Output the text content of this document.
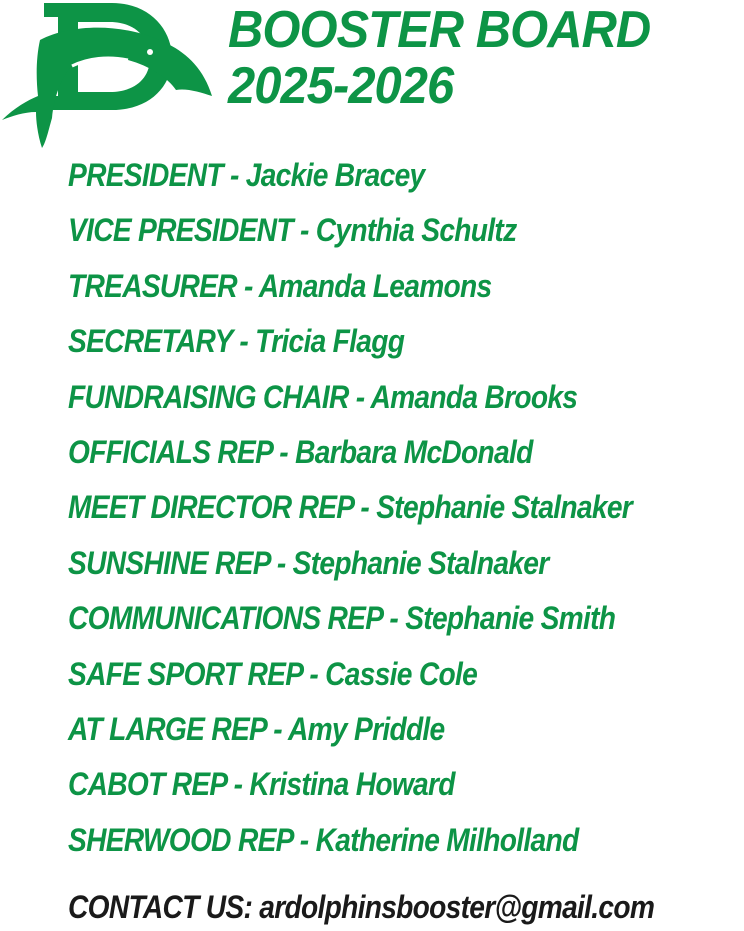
BOOSTER BOARD
2025-2026
PRESIDENT - Jackie Bracey
VICE PRESIDENT - Cynthia Schultz
TREASURER - Amanda Leamons
SECRETARY - Tricia Flagg
FUNDRAISING CHAIR - Amanda Brooks
OFFICIALS REP - Barbara McDonald
MEET DIRECTOR REP - Stephanie Stalnaker
SUNSHINE REP - Stephanie Stalnaker
COMMUNICATIONS REP - Stephanie Smith
SAFE SPORT REP - Cassie Cole
AT LARGE REP - Amy Priddle
CABOT REP - Kristina Howard
SHERWOOD REP - Katherine Milholland
CONTACT US: ardolphinsbooster@gmail.com
